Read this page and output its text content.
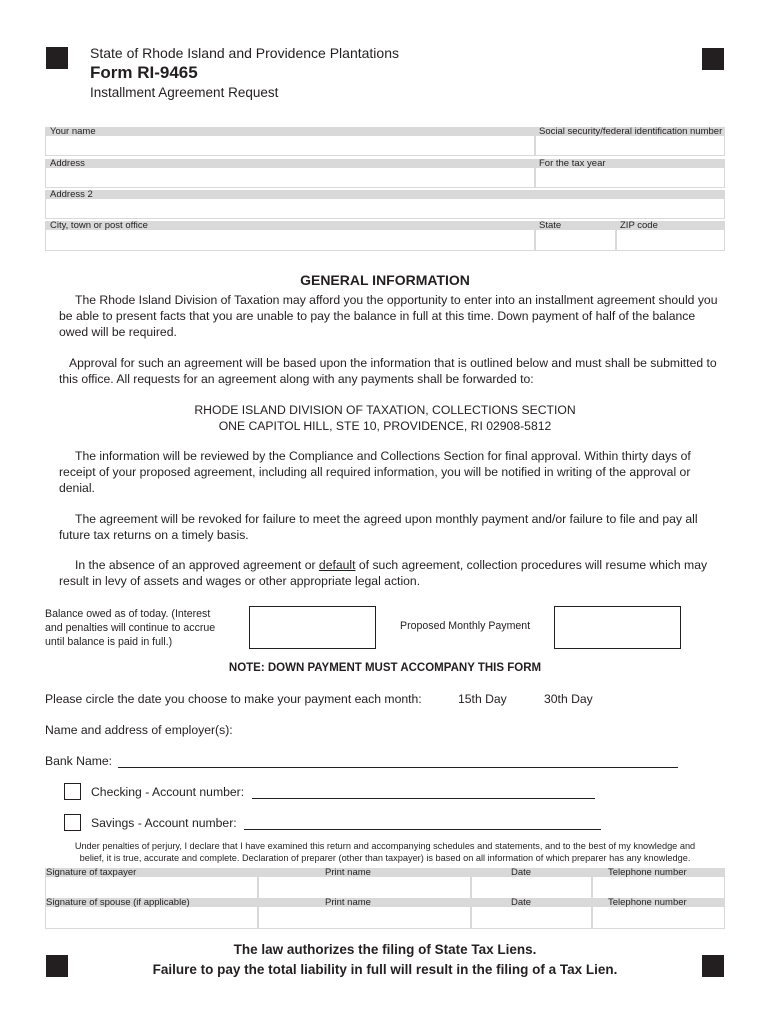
State of Rhode Island and Providence Plantations
Form RI-9465
Installment Agreement Request
Your name	Social security/federal identification number
Address	For the tax year
Address 2
City, town or post office	State	ZIP code
GENERAL INFORMATION
The Rhode Island Division of Taxation may afford you the opportunity to enter into an installment agreement should you be able to present facts that you are unable to pay the balance in full at this time. Down payment of half of the balance owed will be required.
Approval for such an agreement will be based upon the information that is outlined below and must shall be submitted to this office. All requests for an agreement along with any payments shall be forwarded to:
RHODE ISLAND DIVISION OF TAXATION, COLLECTIONS SECTION
ONE CAPITOL HILL, STE 10, PROVIDENCE, RI 02908-5812
The information will be reviewed by the Compliance and Collections Section for final approval. Within thirty days of receipt of your proposed agreement, including all required information, you will be notified in writing of the approval or denial.
The agreement will be revoked for failure to meet the agreed upon monthly payment and/or failure to file and pay all future tax returns on a timely basis.
In the absence of an approved agreement or default of such agreement, collection procedures will resume which may result in levy of assets and wages or other appropriate legal action.
Balance owed as of today. (Interest
and penalties will continue to accrue
until balance is paid in full.)
Proposed Monthly Payment
NOTE: DOWN PAYMENT MUST ACCOMPANY THIS FORM
Please circle the date you choose to make your payment each month:	15th Day	30th Day
Name and address of employer(s):
Bank Name:
Checking - Account number:
Savings - Account number:
Under penalties of perjury, I declare that I have examined this return and accompanying schedules and statements, and to the best of my knowledge and
belief, it is true, accurate and complete. Declaration of preparer (other than taxpayer) is based on all information of which preparer has any knowledge.
Signature of taxpayer	Print name	Date	Telephone number
Signature of spouse (if applicable)	Print name	Date	Telephone number
The law authorizes the filing of State Tax Liens.
Failure to pay the total liability in full will result in the filing of a Tax Lien.
